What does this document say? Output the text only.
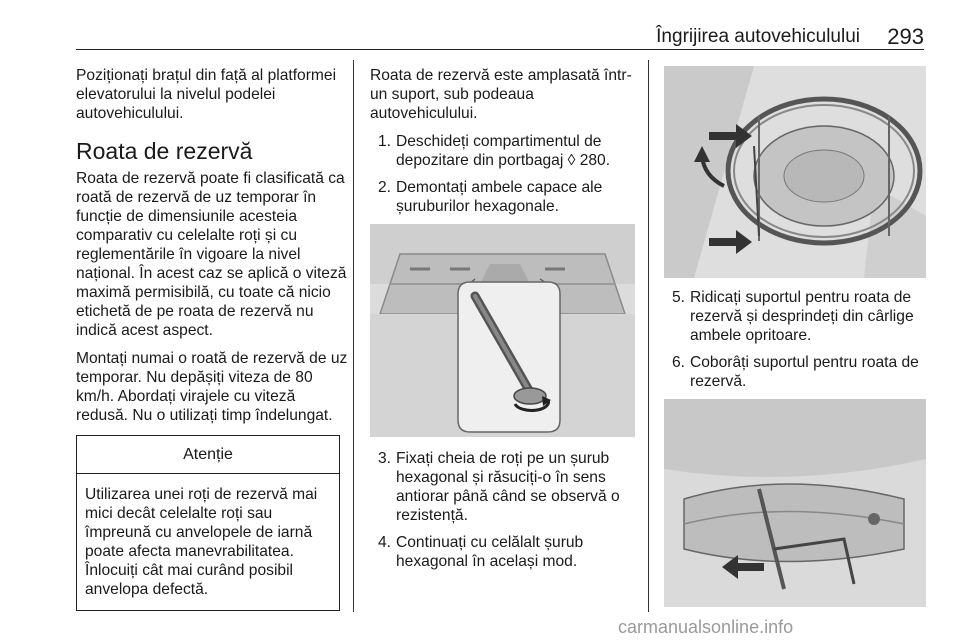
Îngrijirea autovehiculului 293

Poziționați brațul din față al platformei elevatorului la nivelul podelei autovehiculului.

Roata de rezervă

Roata de rezervă poate fi clasificată ca roată de rezervă de uz temporar în funcție de dimensiunile acesteia comparativ cu celelalte roți și cu reglementările în vigoare la nivel național. În acest caz se aplică o viteză maximă permisibilă, cu toate că nicio etichetă de pe roata de rezervă nu indică acest aspect.

Montați numai o roată de rezervă de uz temporar. Nu depășiți viteza de 80 km/h. Abordați virajele cu viteză redusă. Nu o utilizați timp îndelungat.

Atenție
Utilizarea unei roți de rezervă mai mici decât celelalte roți sau împreună cu anvelopele de iarnă poate afecta manevrabilitatea. Înlocuiți cât mai curând posibil anvelopa defectă.

Roata de rezervă este amplasată într-un suport, sub podeaua autovehiculului.

1. Deschideți compartimentul de depozitare din portbagaj ◊ 280.
2. Demontați ambele capace ale șuruburilor hexagonale.
3. Fixați cheia de roți pe un șurub hexagonal și răsuciți-o în sens antiorar până când se observă o rezistență.
4. Continuați cu celălalt șurub hexagonal în același mod.
5. Ridicați suportul pentru roata de rezervă și desprindeți din cârlige ambele opritoare.
6. Coborâți suportul pentru roata de rezervă.
carmanualsonline.info
